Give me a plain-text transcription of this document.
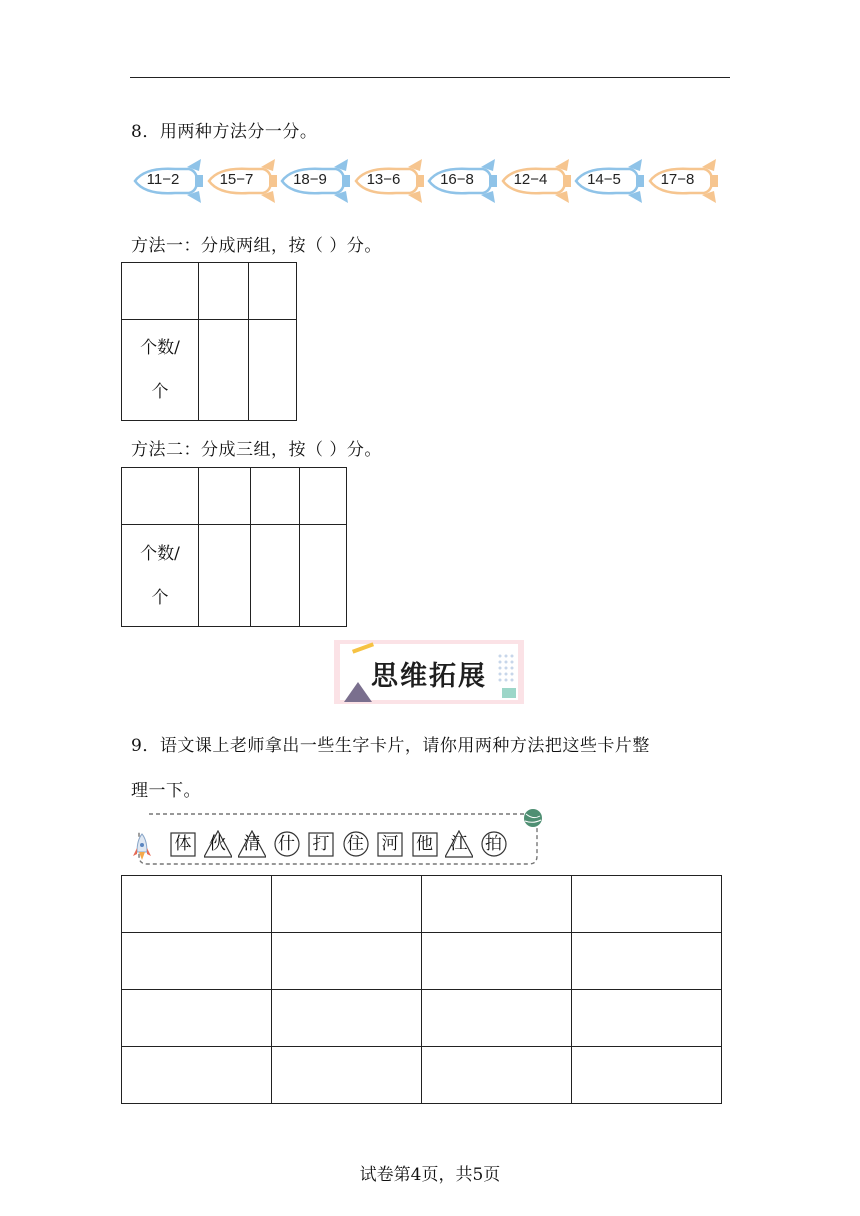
8．用两种方法分一分。
11−2	15−7	18−9	13−6	16−8	12−4	14−5	17−8
方法一：分成两组，按（ ）分。

个数/
个		
方法二：分成三组，按（ ）分。

个数/
个			
思维拓展
9．语文课上老师拿出一些生字卡片，请你用两种方法把这些卡片整
理一下。
体	伙	清	什	打	住	河	他	江	拍

试卷第4页，共5页
